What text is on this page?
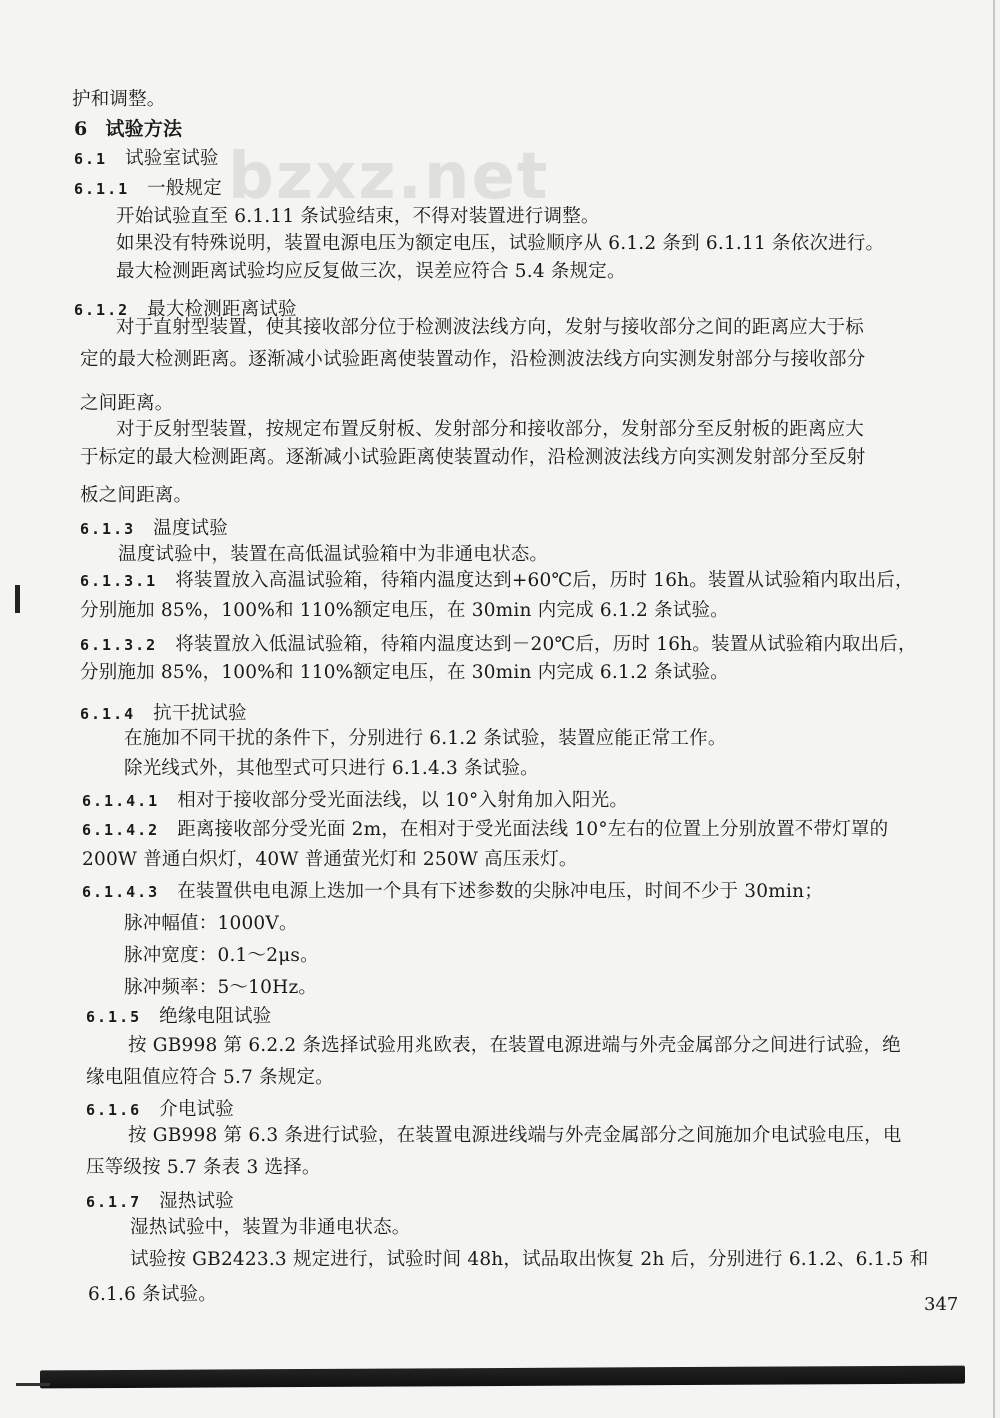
bzxz.net
护和调整。
6 试验方法
6.1 试验室试验
6.1.1 一般规定
开始试验直至 6.1.11 条试验结束，不得对装置进行调整。
如果没有特殊说明，装置电源电压为额定电压，试验顺序从 6.1.2 条到 6.1.11 条依次进行。
最大检测距离试验均应反复做三次，误差应符合 5.4 条规定。
6.1.2 最大检测距离试验
对于直射型装置，使其接收部分位于检测波法线方向，发射与接收部分之间的距离应大于标
定的最大检测距离。逐渐减小试验距离使装置动作，沿检测波法线方向实测发射部分与接收部分
之间距离。
对于反射型装置，按规定布置反射板、发射部分和接收部分，发射部分至反射板的距离应大
于标定的最大检测距离。逐渐减小试验距离使装置动作，沿检测波法线方向实测发射部分至反射
板之间距离。
6.1.3 温度试验
温度试验中，装置在高低温试验箱中为非通电状态。
6.1.3.1 将装置放入高温试验箱，待箱内温度达到+60℃后，历时 16h。装置从试验箱内取出后，
分别施加 85%，100%和 110%额定电压，在 30min 内完成 6.1.2 条试验。
6.1.3.2 将装置放入低温试验箱，待箱内温度达到－20℃后，历时 16h。装置从试验箱内取出后，
分别施加 85%，100%和 110%额定电压，在 30min 内完成 6.1.2 条试验。
6.1.4 抗干扰试验
在施加不同干扰的条件下，分别进行 6.1.2 条试验，装置应能正常工作。
除光线式外，其他型式可只进行 6.1.4.3 条试验。
6.1.4.1 相对于接收部分受光面法线，以 10°入射角加入阳光。
6.1.4.2 距离接收部分受光面 2m，在相对于受光面法线 10°左右的位置上分别放置不带灯罩的
200W 普通白炽灯，40W 普通萤光灯和 250W 高压汞灯。
6.1.4.3 在装置供电电源上迭加一个具有下述参数的尖脉冲电压，时间不少于 30min；
脉冲幅值：1000V。
脉冲宽度：0.1～2μs。
脉冲频率：5～10Hz。
6.1.5 绝缘电阻试验
按 GB998 第 6.2.2 条选择试验用兆欧表，在装置电源进端与外壳金属部分之间进行试验，绝
缘电阻值应符合 5.7 条规定。
6.1.6 介电试验
按 GB998 第 6.3 条进行试验，在装置电源进线端与外壳金属部分之间施加介电试验电压，电
压等级按 5.7 条表 3 选择。
6.1.7 湿热试验
湿热试验中，装置为非通电状态。
试验按 GB2423.3 规定进行，试验时间 48h，试品取出恢复 2h 后，分别进行 6.1.2、6.1.5 和
6.1.6 条试验。	347
